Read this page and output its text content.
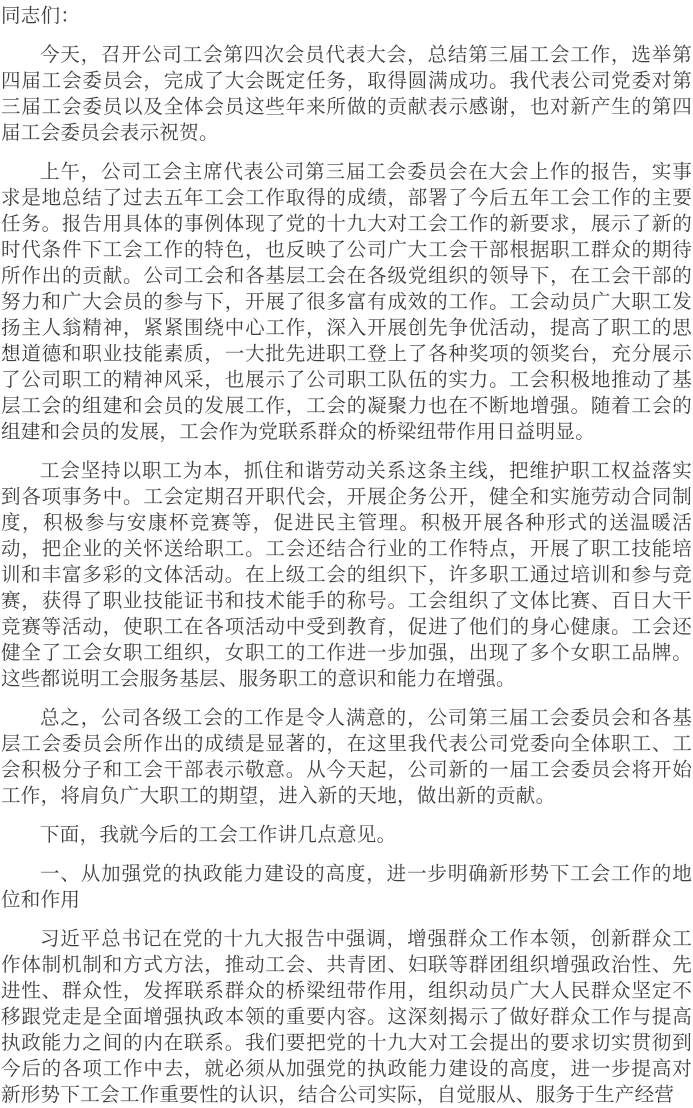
同志们：

今天，召开公司工会第四次会员代表大会，总结第三届工会工作，选举第四届工会委员会，完成了大会既定任务，取得圆满成功。我代表公司党委对第三届工会委员以及全体会员这些年来所做的贡献表示感谢，也对新产生的第四届工会委员会表示祝贺。

上午，公司工会主席代表公司第三届工会委员会在大会上作的报告，实事求是地总结了过去五年工会工作取得的成绩，部署了今后五年工会工作的主要任务。报告用具体的事例体现了党的十九大对工会工作的新要求，展示了新的时代条件下工会工作的特色，也反映了公司广大工会干部根据职工群众的期待所作出的贡献。公司工会和各基层工会在各级党组织的领导下，在工会干部的努力和广大会员的参与下，开展了很多富有成效的工作。工会动员广大职工发扬主人翁精神，紧紧围绕中心工作，深入开展创先争优活动，提高了职工的思想道德和职业技能素质，一大批先进职工登上了各种奖项的领奖台，充分展示了公司职工的精神风采，也展示了公司职工队伍的实力。工会积极地推动了基层工会的组建和会员的发展工作，工会的凝聚力也在不断地增强。随着工会的组建和会员的发展，工会作为党联系群众的桥梁纽带作用日益明显。

工会坚持以职工为本，抓住和谐劳动关系这条主线，把维护职工权益落实到各项事务中。工会定期召开职代会，开展企务公开，健全和实施劳动合同制度，积极参与安康杯竞赛等，促进民主管理。积极开展各种形式的送温暖活动，把企业的关怀送给职工。工会还结合行业的工作特点，开展了职工技能培训和丰富多彩的文体活动。在上级工会的组织下，许多职工通过培训和参与竞赛，获得了职业技能证书和技术能手的称号。工会组织了文体比赛、百日大干竞赛等活动，使职工在各项活动中受到教育，促进了他们的身心健康。工会还健全了工会女职工组织，女职工的工作进一步加强，出现了多个女职工品牌。这些都说明工会服务基层、服务职工的意识和能力在增强。

总之，公司各级工会的工作是令人满意的，公司第三届工会委员会和各基层工会委员会所作出的成绩是显著的，在这里我代表公司党委向全体职工、工会积极分子和工会干部表示敬意。从今天起，公司新的一届工会委员会将开始工作，将肩负广大职工的期望，进入新的天地，做出新的贡献。

下面，我就今后的工会工作讲几点意见。

一、从加强党的执政能力建设的高度，进一步明确新形势下工会工作的地位和作用

习近平总书记在党的十九大报告中强调，增强群众工作本领，创新群众工作体制机制和方式方法，推动工会、共青团、妇联等群团组织增强政治性、先进性、群众性，发挥联系群众的桥梁纽带作用，组织动员广大人民群众坚定不移跟党走是全面增强执政本领的重要内容。这深刻揭示了做好群众工作与提高执政能力之间的内在联系。我们要把党的十九大对工会提出的要求切实贯彻到今后的各项工作中去，就必须从加强党的执政能力建设的高度，进一步提高对新形势下工会工作重要性的认识，结合公司实际，自觉服从、服务于生产经营
